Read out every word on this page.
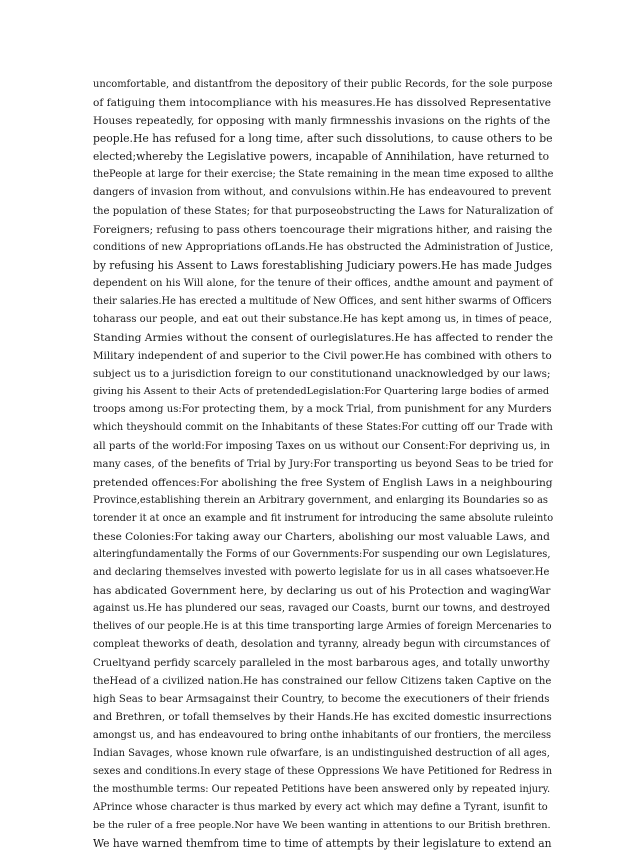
uncomfortable, and distantfrom the depository of their public Records, for the sole purpose
of fatiguing them intocompliance with his measures.He has dissolved Representative
Houses repeatedly, for opposing with manly firmnesshis invasions on the rights of the
people.He has refused for a long time, after such dissolutions, to cause others to be
elected;whereby the Legislative powers, incapable of Annihilation, have returned to
thePeople at large for their exercise; the State remaining in the mean time exposed to allthe
dangers of invasion from without, and convulsions within.He has endeavoured to prevent
the population of these States; for that purposeobstructing the Laws for Naturalization of
Foreigners; refusing to pass others toencourage their migrations hither, and raising the
conditions of new Appropriations ofLands.He has obstructed the Administration of Justice,
by refusing his Assent to Laws forestablishing Judiciary powers.He has made Judges
dependent on his Will alone, for the tenure of their offices, andthe amount and payment of
their salaries.He has erected a multitude of New Offices, and sent hither swarms of Officers
toharass our people, and eat out their substance.He has kept among us, in times of peace,
Standing Armies without the consent of ourlegislatures.He has affected to render the
Military independent of and superior to the Civil power.He has combined with others to
subject us to a jurisdiction foreign to our constitutionand unacknowledged by our laws;
giving his Assent to their Acts of pretendedLegislation:For Quartering large bodies of armed
troops among us:For protecting them, by a mock Trial, from punishment for any Murders
which theyshould commit on the Inhabitants of these States:For cutting off our Trade with
all parts of the world:For imposing Taxes on us without our Consent:For depriving us, in
many cases, of the benefits of Trial by Jury:For transporting us beyond Seas to be tried for
pretended offences:For abolishing the free System of English Laws in a neighbouring
Province,establishing therein an Arbitrary government, and enlarging its Boundaries so as
torender it at once an example and fit instrument for introducing the same absolute ruleinto
these Colonies:For taking away our Charters, abolishing our most valuable Laws, and
alteringfundamentally the Forms of our Governments:For suspending our own Legislatures,
and declaring themselves invested with powerto legislate for us in all cases whatsoever.He
has abdicated Government here, by declaring us out of his Protection and wagingWar
against us.He has plundered our seas, ravaged our Coasts, burnt our towns, and destroyed
thelives of our people.He is at this time transporting large Armies of foreign Mercenaries to
compleat theworks of death, desolation and tyranny, already begun with circumstances of
Crueltyand perfidy scarcely paralleled in the most barbarous ages, and totally unworthy
theHead of a civilized nation.He has constrained our fellow Citizens taken Captive on the
high Seas to bear Armsagainst their Country, to become the executioners of their friends
and Brethren, or tofall themselves by their Hands.He has excited domestic insurrections
amongst us, and has endeavoured to bring onthe inhabitants of our frontiers, the merciless
Indian Savages, whose known rule ofwarfare, is an undistinguished destruction of all ages,
sexes and conditions.In every stage of these Oppressions We have Petitioned for Redress in
the mosthumble terms: Our repeated Petitions have been answered only by repeated injury.
APrince whose character is thus marked by every act which may define a Tyrant, isunfit to
be the ruler of a free people.Nor have We been wanting in attentions to our British brethren.
We have warned themfrom time to time of attempts by their legislature to extend an
